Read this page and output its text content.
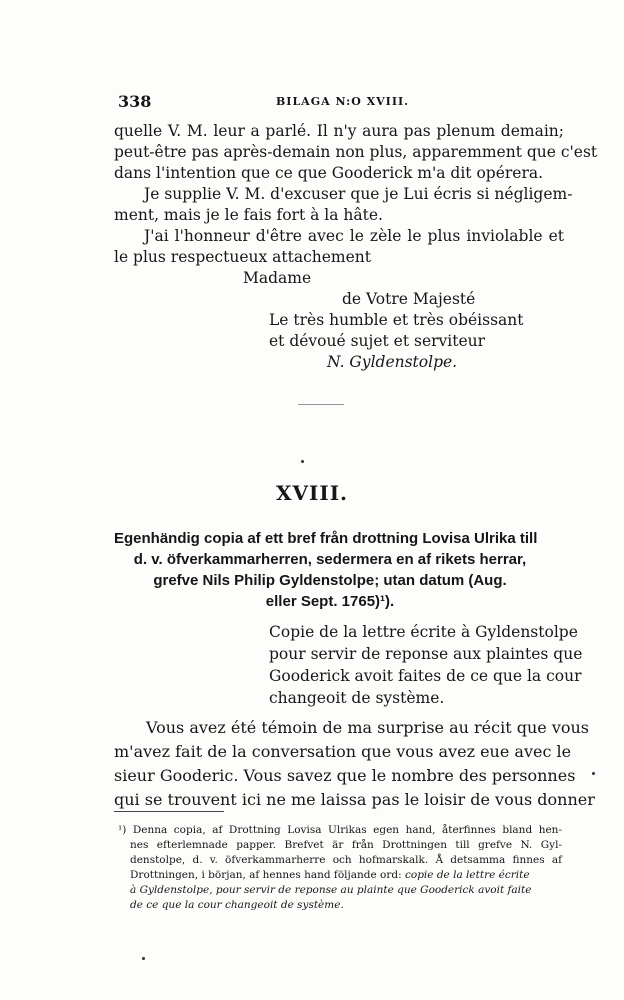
338	BILAGA N:O XVIII.
quelle V. M. leur a parlé. Il n'y aura pas plenum demain;
peut-être pas après-demain non plus, apparemment que c'est
dans l'intention que ce que Gooderick m'a dit opérera.
Je supplie V. M. d'excuser que je Lui écris si négligem-
ment, mais je le fais fort à la hâte.
J'ai l'honneur d'être avec le zèle le plus inviolable et
le plus respectueux attachement
Madame
de Votre Majesté
Le très humble et très obéissant
et dévoué sujet et serviteur
N. Gyldenstolpe.
XVIII.
Egenhändig copia af ett bref från drottning Lovisa Ulrika till
d. v. öfverkammarherren, sedermera en af rikets herrar,
grefve Nils Philip Gyldenstolpe; utan datum (Aug.
eller Sept. 1765)¹).
Copie de la lettre écrite à Gyldenstolpe
pour servir de reponse aux plaintes que
Gooderick avoit faites de ce que la cour
changeoit de système.
Vous avez été témoin de ma surprise au récit que vous
m'avez fait de la conversation que vous avez eue avec le
sieur Gooderic. Vous savez que le nombre des personnes
qui se trouvent ici ne me laissa pas le loisir de vous donner
¹) Denna copia, af Drottning Lovisa Ulrikas egen hand, återfinnes bland hen-
nes efterlemnade papper. Brefvet är från Drottningen till grefve N. Gyl-
denstolpe, d. v. öfverkammarherre och hofmarskalk. Å detsamma finnes af
Drottningen, i början, af hennes hand följande ord: copie de la lettre écrite
à Gyldenstolpe, pour servir de reponse au plainte que Gooderick avoit faite
de ce que la cour changeoit de système.
